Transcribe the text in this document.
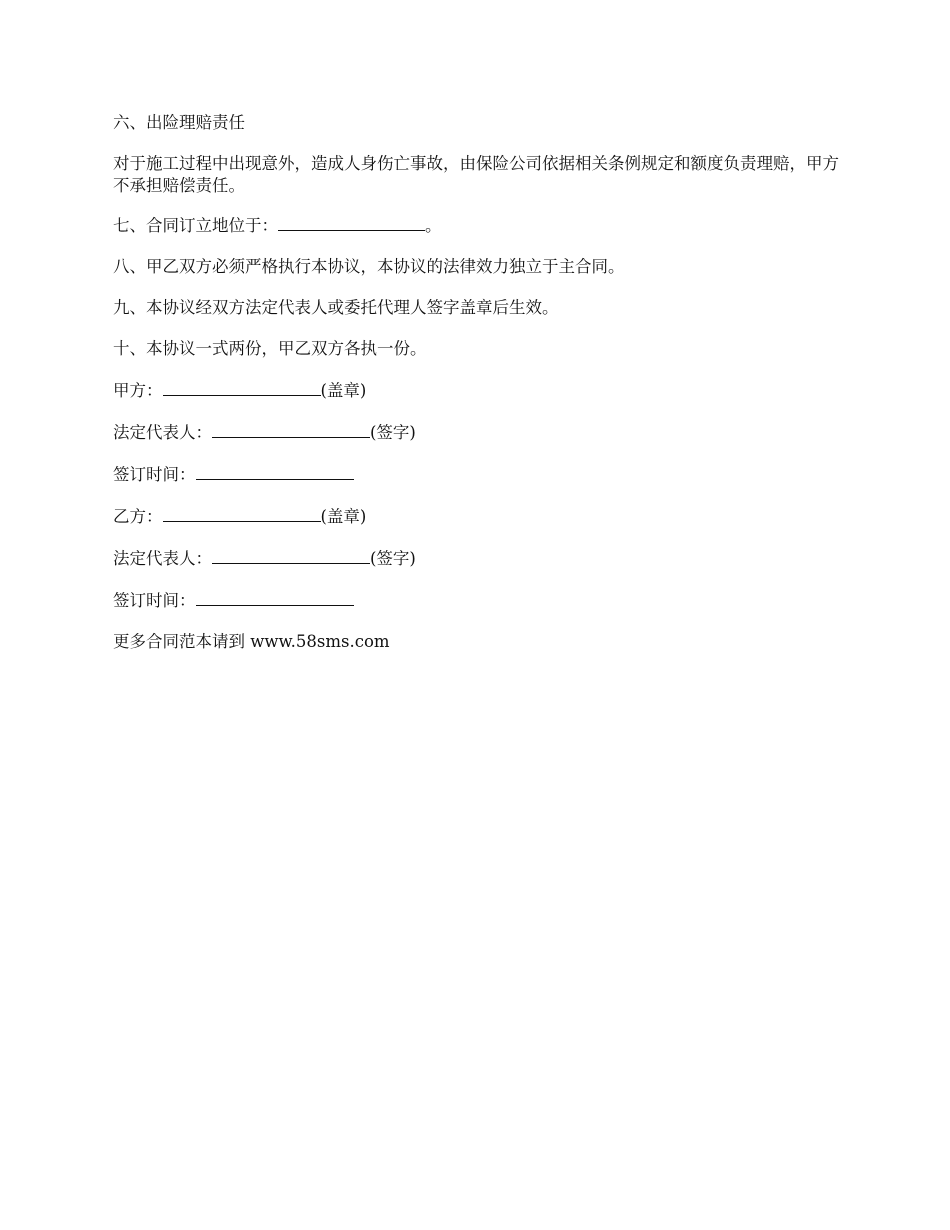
六、出险理赔责任

对于施工过程中出现意外，造成人身伤亡事故，由保险公司依据相关条例规定和额度负责理赔，甲方不承担赔偿责任。

七、合同订立地位于：	。

八、甲乙双方必须严格执行本协议，本协议的法律效力独立于主合同。

九、本协议经双方法定代表人或委托代理人签字盖章后生效。

十、本协议一式两份，甲乙双方各执一份。

甲方：	(盖章)

法定代表人：	(签字)

签订时间：

乙方：	(盖章)

法定代表人：	(签字)

签订时间：

更多合同范本请到 www.58sms.com
